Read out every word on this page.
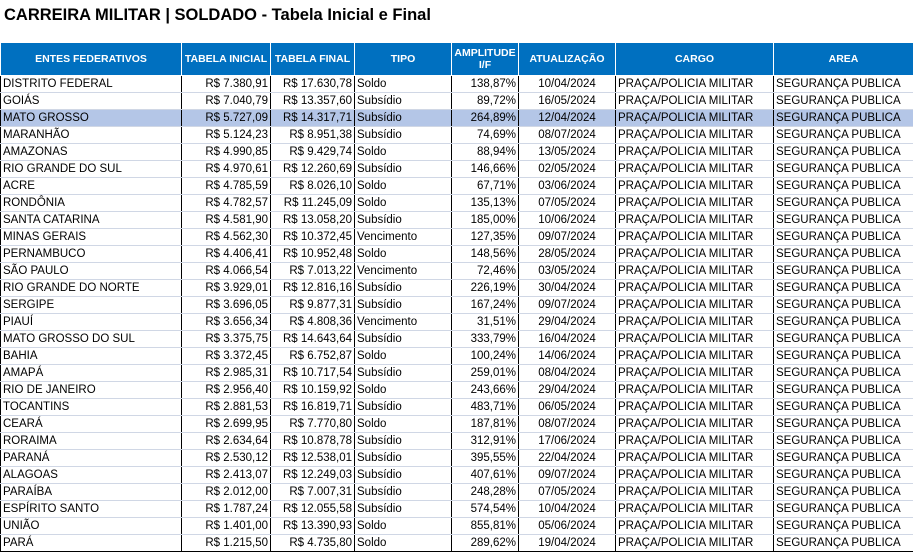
CARREIRA MILITAR | SOLDADO - Tabela Inicial e Final
ENTES FEDERATIVOS	TABELA INICIAL	TABELA FINAL	TIPO	AMPLITUDE
I/F	ATUALIZAÇÃO	CARGO	AREA
DISTRITO FEDERAL	R$ 7.380,91	R$ 17.630,78	Soldo	138,87%	10/04/2024	PRAÇA/POLICIA MILITAR	SEGURANÇA PUBLICA
GOIÁS	R$ 7.040,79	R$ 13.357,60	Subsídio	89,72%	16/05/2024	PRAÇA/POLICIA MILITAR	SEGURANÇA PUBLICA
MATO GROSSO	R$ 5.727,09	R$ 14.317,71	Subsídio	264,89%	12/04/2024	PRAÇA/POLICIA MILITAR	SEGURANÇA PUBLICA
MARANHÃO	R$ 5.124,23	R$ 8.951,38	Subsídio	74,69%	08/07/2024	PRAÇA/POLICIA MILITAR	SEGURANÇA PUBLICA
AMAZONAS	R$ 4.990,85	R$ 9.429,74	Soldo	88,94%	13/05/2024	PRAÇA/POLICIA MILITAR	SEGURANÇA PUBLICA
RIO GRANDE DO SUL	R$ 4.970,61	R$ 12.260,69	Subsídio	146,66%	02/05/2024	PRAÇA/POLICIA MILITAR	SEGURANÇA PUBLICA
ACRE	R$ 4.785,59	R$ 8.026,10	Soldo	67,71%	03/06/2024	PRAÇA/POLICIA MILITAR	SEGURANÇA PUBLICA
RONDÔNIA	R$ 4.782,57	R$ 11.245,09	Soldo	135,13%	07/05/2024	PRAÇA/POLICIA MILITAR	SEGURANÇA PUBLICA
SANTA CATARINA	R$ 4.581,90	R$ 13.058,20	Subsídio	185,00%	10/06/2024	PRAÇA/POLICIA MILITAR	SEGURANÇA PUBLICA
MINAS GERAIS	R$ 4.562,30	R$ 10.372,45	Vencimento	127,35%	09/07/2024	PRAÇA/POLICIA MILITAR	SEGURANÇA PUBLICA
PERNAMBUCO	R$ 4.406,41	R$ 10.952,48	Soldo	148,56%	28/05/2024	PRAÇA/POLICIA MILITAR	SEGURANÇA PUBLICA
SÃO PAULO	R$ 4.066,54	R$ 7.013,22	Vencimento	72,46%	03/05/2024	PRAÇA/POLICIA MILITAR	SEGURANÇA PUBLICA
RIO GRANDE DO NORTE	R$ 3.929,01	R$ 12.816,16	Subsídio	226,19%	30/04/2024	PRAÇA/POLICIA MILITAR	SEGURANÇA PUBLICA
SERGIPE	R$ 3.696,05	R$ 9.877,31	Subsídio	167,24%	09/07/2024	PRAÇA/POLICIA MILITAR	SEGURANÇA PUBLICA
PIAUÍ	R$ 3.656,34	R$ 4.808,36	Vencimento	31,51%	29/04/2024	PRAÇA/POLICIA MILITAR	SEGURANÇA PUBLICA
MATO GROSSO DO SUL	R$ 3.375,75	R$ 14.643,64	Subsídio	333,79%	16/04/2024	PRAÇA/POLICIA MILITAR	SEGURANÇA PUBLICA
BAHIA	R$ 3.372,45	R$ 6.752,87	Soldo	100,24%	14/06/2024	PRAÇA/POLICIA MILITAR	SEGURANÇA PUBLICA
AMAPÁ	R$ 2.985,31	R$ 10.717,54	Subsídio	259,01%	08/04/2024	PRAÇA/POLICIA MILITAR	SEGURANÇA PUBLICA
RIO DE JANEIRO	R$ 2.956,40	R$ 10.159,92	Soldo	243,66%	29/04/2024	PRAÇA/POLICIA MILITAR	SEGURANÇA PUBLICA
TOCANTINS	R$ 2.881,53	R$ 16.819,71	Subsídio	483,71%	06/05/2024	PRAÇA/POLICIA MILITAR	SEGURANÇA PUBLICA
CEARÁ	R$ 2.699,95	R$ 7.770,80	Soldo	187,81%	08/07/2024	PRAÇA/POLICIA MILITAR	SEGURANÇA PUBLICA
RORAIMA	R$ 2.634,64	R$ 10.878,78	Subsídio	312,91%	17/06/2024	PRAÇA/POLICIA MILITAR	SEGURANÇA PUBLICA
PARANÁ	R$ 2.530,12	R$ 12.538,01	Subsídio	395,55%	22/04/2024	PRAÇA/POLICIA MILITAR	SEGURANÇA PUBLICA
ALAGOAS	R$ 2.413,07	R$ 12.249,03	Subsídio	407,61%	09/07/2024	PRAÇA/POLICIA MILITAR	SEGURANÇA PUBLICA
PARAÍBA	R$ 2.012,00	R$ 7.007,31	Subsídio	248,28%	07/05/2024	PRAÇA/POLICIA MILITAR	SEGURANÇA PUBLICA
ESPÍRITO SANTO	R$ 1.787,24	R$ 12.055,58	Subsídio	574,54%	10/04/2024	PRAÇA/POLICIA MILITAR	SEGURANÇA PUBLICA
UNIÃO	R$ 1.401,00	R$ 13.390,93	Soldo	855,81%	05/06/2024	PRAÇA/POLICIA MILITAR	SEGURANÇA PUBLICA
PARÁ	R$ 1.215,50	R$ 4.735,80	Soldo	289,62%	19/04/2024	PRAÇA/POLICIA MILITAR	SEGURANÇA PUBLICA
